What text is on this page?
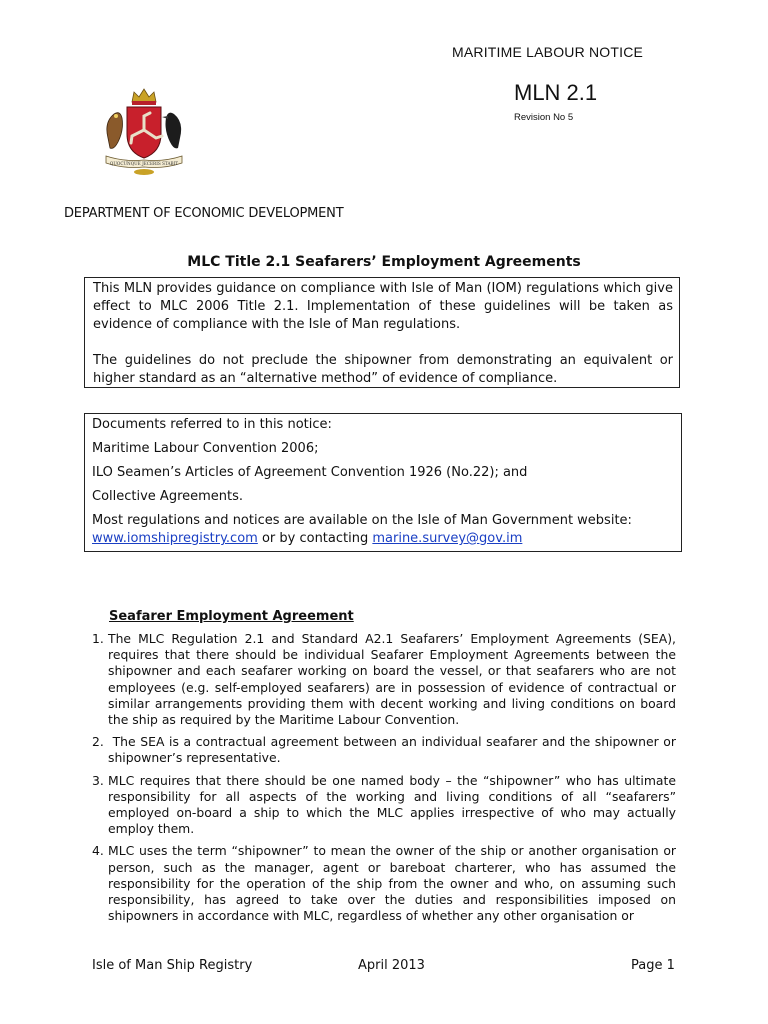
MARITIME LABOUR NOTICE
MLN 2.1
Revision No 5
QUOCUNQUE JECERIS STABIT
DEPARTMENT OF ECONOMIC DEVELOPMENT
MLC Title 2.1 Seafarers’ Employment Agreements

This MLN provides guidance on compliance with Isle of Man (IOM) regulations which give effect to MLC 2006 Title 2.1. Implementation of these guidelines will be taken as evidence of compliance with the Isle of Man regulations.

The guidelines do not preclude the shipowner from demonstrating an equivalent or higher standard as an “alternative method” of evidence of compliance.

Documents referred to in this notice:
Maritime Labour Convention 2006;
ILO Seamen’s Articles of Agreement Convention 1926 (No.22); and
Collective Agreements.
Most regulations and notices are available on the Isle of Man Government website:
www.iomshipregistry.com or by contacting marine.survey@gov.im
Seafarer Employment Agreement
1. The MLC Regulation 2.1 and Standard A2.1 Seafarers’ Employment Agreements (SEA), requires that there should be individual Seafarer Employment Agreements between the shipowner and each seafarer working on board the vessel, or that seafarers who are not employees (e.g. self-employed seafarers) are in possession of evidence of contractual or similar arrangements providing them with decent working and living conditions on board the ship as required by the Maritime Labour Convention.
2. The SEA is a contractual agreement between an individual seafarer and the shipowner or shipowner’s representative.
3. MLC requires that there should be one named body – the “shipowner” who has ultimate responsibility for all aspects of the working and living conditions of all “seafarers” employed on-board a ship to which the MLC applies irrespective of who may actually employ them.
4. MLC uses the term “shipowner” to mean the owner of the ship or another organisation or person, such as the manager, agent or bareboat charterer, who has assumed the responsibility for the operation of the ship from the owner and who, on assuming such responsibility, has agreed to take over the duties and responsibilities imposed on shipowners in accordance with MLC, regardless of whether any other organisation or
Isle of Man Ship Registry	April 2013	Page 1
